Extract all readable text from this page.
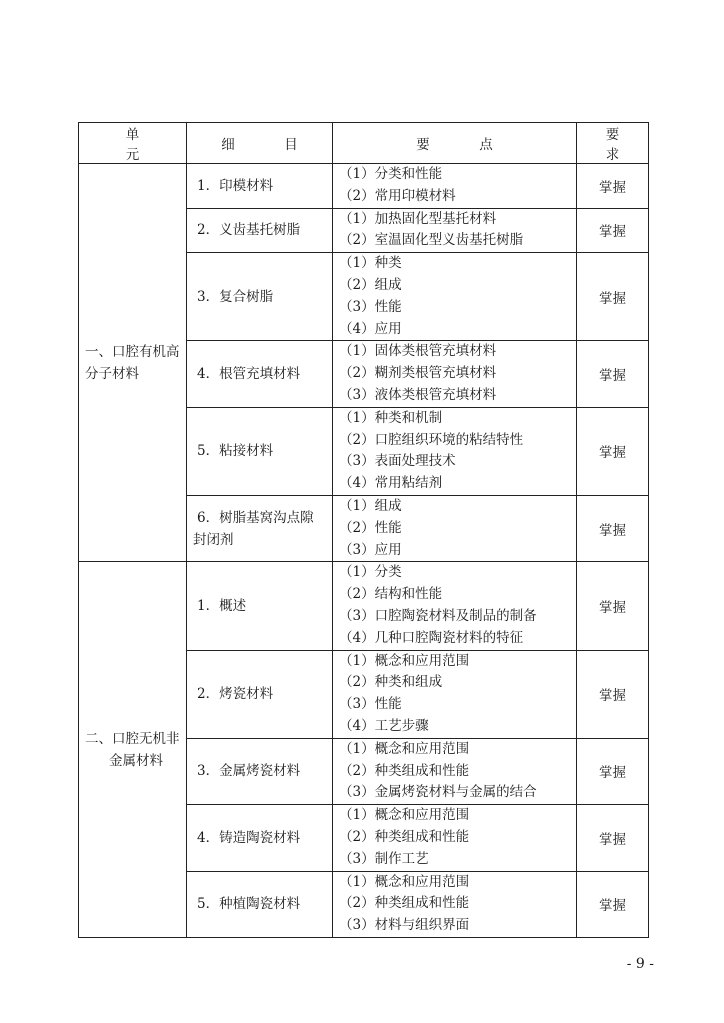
单　元	细　目	要　点	要　求

一、口腔有机高
分子材料	1．印模材料	（1）分类和性能
（2）常用印模材料	掌握

	2．义齿基托树脂	（1）加热固化型基托材料
（2）室温固化型义齿基托树脂	掌握

	3．复合树脂	（1）种类
（2）组成
（3）性能
（4）应用	掌握

	4．根管充填材料	（1）固体类根管充填材料
（2）糊剂类根管充填材料
（3）液体类根管充填材料	掌握

	5．粘接材料	（1）种类和机制
（2）口腔组织环境的粘结特性
（3）表面处理技术
（4）常用粘结剂	掌握

	6．树脂基窝沟点隙
封闭剂	（1）组成
（2）性能
（3）应用	掌握

二、口腔无机非
金属材料	1．概述	（1）分类
（2）结构和性能
（3）口腔陶瓷材料及制品的制备
（4）几种口腔陶瓷材料的特征	掌握

	2．烤瓷材料	（1）概念和应用范围
（2）种类和组成
（3）性能
（4）工艺步骤	掌握

	3．金属烤瓷材料	（1）概念和应用范围
（2）种类组成和性能
（3）金属烤瓷材料与金属的结合	掌握

	4．铸造陶瓷材料	（1）概念和应用范围
（2）种类组成和性能
（3）制作工艺	掌握

	5．种植陶瓷材料	（1）概念和应用范围
（2）种类组成和性能
（3）材料与组织界面	掌握
- 9 -
